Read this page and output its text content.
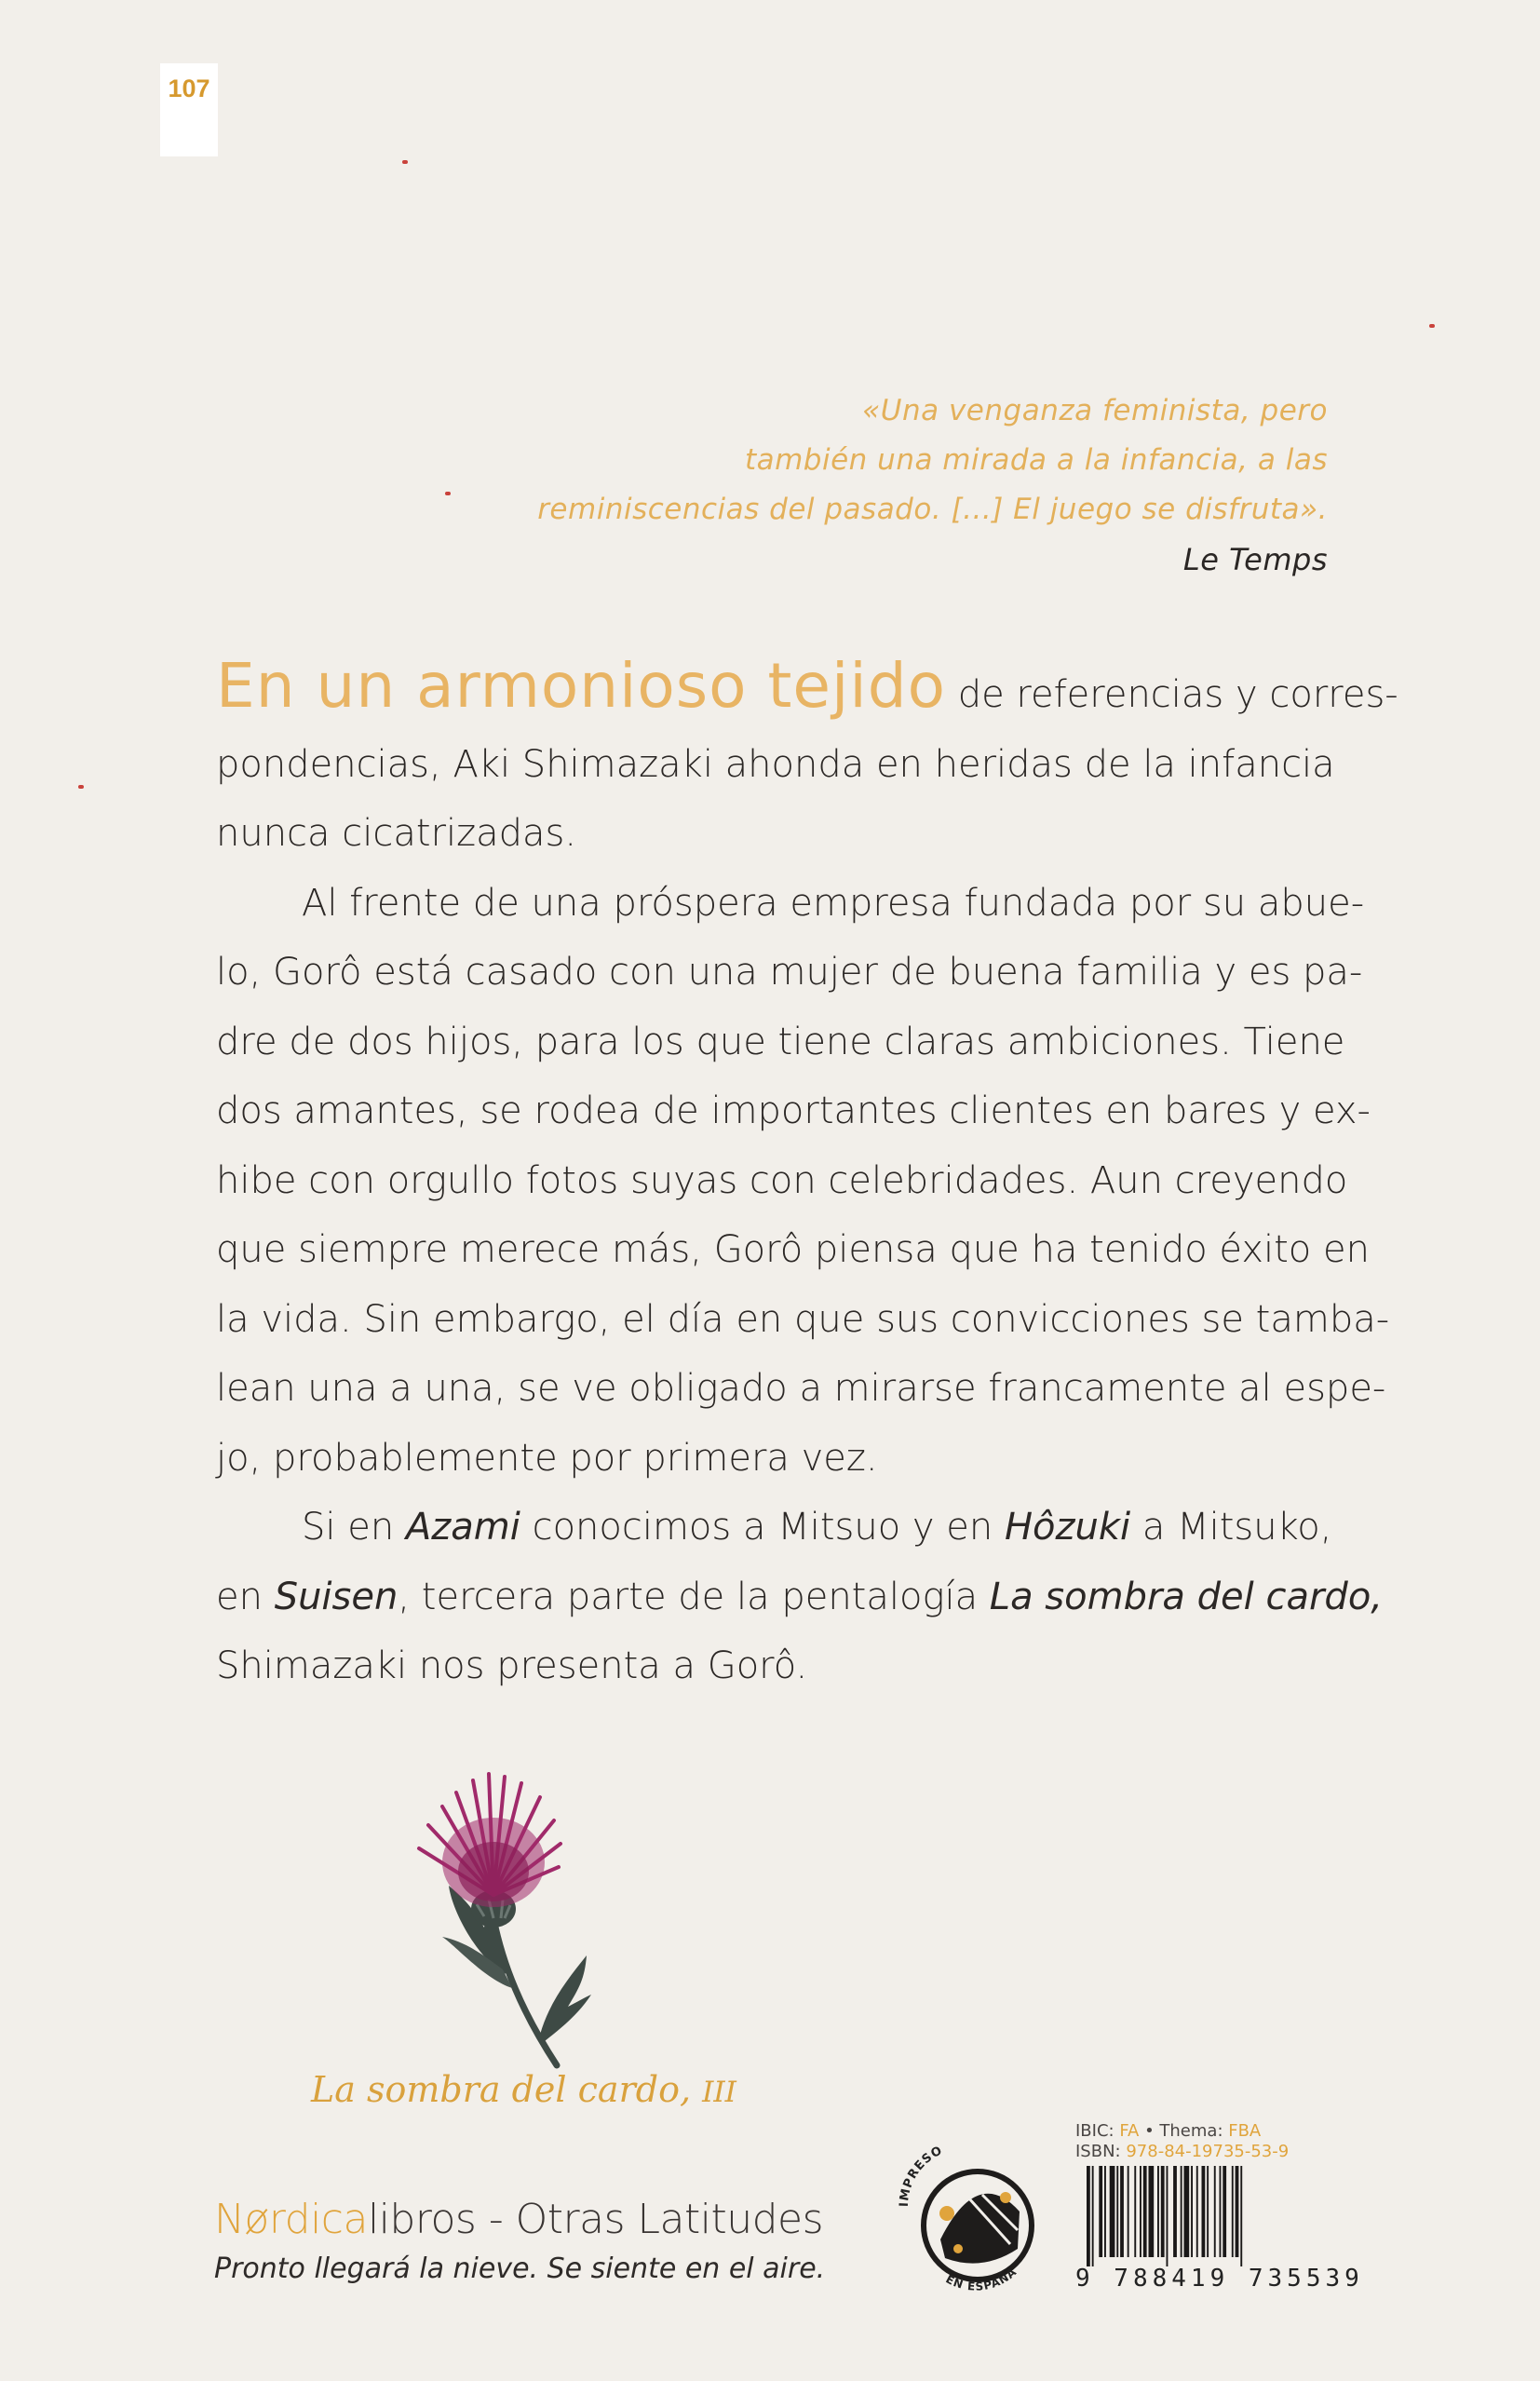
107
«Una venganza feminista, pero
también una mirada a la infancia, a las
reminiscencias del pasado. [...] El juego se disfruta».
Le Temps
En un armonioso tejido de referencias y corres-
pondencias, Aki Shimazaki ahonda en heridas de la infancia
nunca cicatrizadas.
Al frente de una próspera empresa fundada por su abue-
lo, Gorô está casado con una mujer de buena familia y es pa-
dre de dos hijos, para los que tiene claras ambiciones. Tiene
dos amantes, se rodea de importantes clientes en bares y ex-
hibe con orgullo fotos suyas con celebridades. Aun creyendo
que siempre merece más, Gorô piensa que ha tenido éxito en
la vida. Sin embargo, el día en que sus convicciones se tamba-
lean una a una, se ve obligado a mirarse francamente al espe-
jo, probablemente por primera vez.
Si en Azami conocimos a Mitsuo y en Hôzuki a Mitsuko,
en Suisen, tercera parte de la pentalogía La sombra del cardo,
Shimazaki nos presenta a Gorô.
La sombra del cardo, III
Nørdicalibros - Otras Latitudes
Pronto llegará la nieve. Se siente en el aire.
IMPRESO
EN ESPAÑA
IBIC: FA • Thema: FBA
ISBN: 978-84-19735-53-9
9 788419 735539
